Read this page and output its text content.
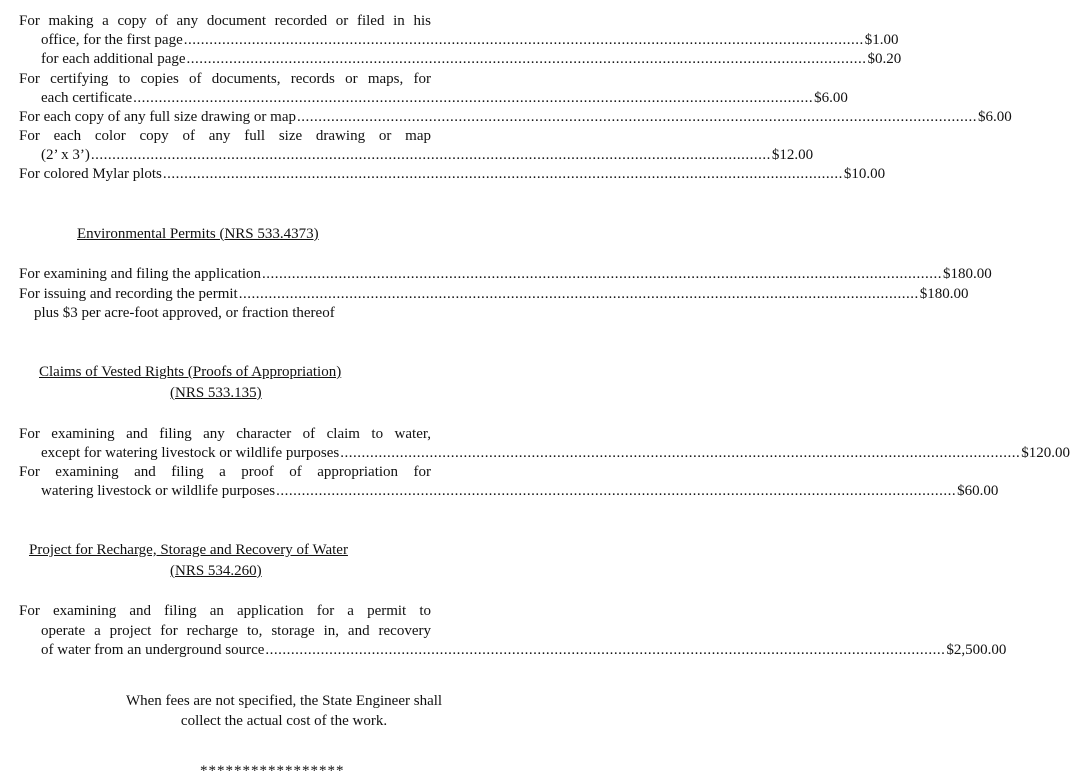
For making a copy of any document recorded or filed in his
office, for the first page ................................................................................................................................................................ $1.00
for each additional page ................................................................................................................................................................ $0.20
For certifying to copies of documents, records or maps, for
each certificate ................................................................................................................................................................ $6.00
For each copy of any full size drawing or map ................................................................................................................................................................ $6.00
For each color copy of any full size drawing or map
(2’ x 3’) ................................................................................................................................................................ $12.00
For colored Mylar plots ................................................................................................................................................................ $10.00
Environmental Permits (NRS 533.4373)
For examining and filing the application ................................................................................................................................................................ $180.00
For issuing and recording the permit ................................................................................................................................................................ $180.00
plus $3 per acre-foot approved, or fraction thereof
Claims of Vested Rights (Proofs of Appropriation)
(NRS 533.135)
For examining and filing any character of claim to water,
except for watering livestock or wildlife purposes ................................................................................................................................................................ $120.00
For examining and filing a proof of appropriation for
watering livestock or wildlife purposes ................................................................................................................................................................ $60.00
Project for Recharge, Storage and Recovery of Water
(NRS 534.260)
For examining and filing an application for a permit to
operate a project for recharge to, storage in, and recovery
of water from an underground source ................................................................................................................................................................ $2,500.00
When fees are not specified, the State Engineer shall
collect the actual cost of the work.
*****************
